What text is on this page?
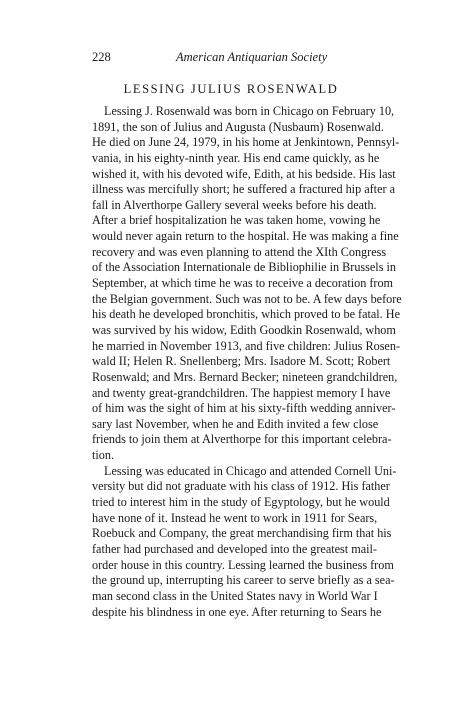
228	American Antiquarian Society
LESSING JULIUS ROSENWALD
Lessing J. Rosenwald was born in Chicago on February 10,
1891, the son of Julius and Augusta (Nusbaum) Rosenwald.
He died on June 24, 1979, in his home at Jenkintown, Pennsyl-
vania, in his eighty-ninth year. His end came quickly, as he
wished it, with his devoted wife, Edith, at his bedside. His last
illness was mercifully short; he suffered a fractured hip after a
fall in Alverthorpe Gallery several weeks before his death.
After a brief hospitalization he was taken home, vowing he
would never again return to the hospital. He was making a fine
recovery and was even planning to attend the XIth Congress
of the Association Internationale de Bibliophilie in Brussels in
September, at which time he was to receive a decoration from
the Belgian government. Such was not to be. A few days before
his death he developed bronchitis, which proved to be fatal. He
was survived by his widow, Edith Goodkin Rosenwald, whom
he married in November 1913, and five children: Julius Rosen-
wald II; Helen R. Snellenberg; Mrs. Isadore M. Scott; Robert
Rosenwald; and Mrs. Bernard Becker; nineteen grandchildren,
and twenty great-grandchildren. The happiest memory I have
of him was the sight of him at his sixty-fifth wedding anniver-
sary last November, when he and Edith invited a few close
friends to join them at Alverthorpe for this important celebra-
tion.
Lessing was educated in Chicago and attended Cornell Uni-
versity but did not graduate with his class of 1912. His father
tried to interest him in the study of Egyptology, but he would
have none of it. Instead he went to work in 1911 for Sears,
Roebuck and Company, the great merchandising firm that his
father had purchased and developed into the greatest mail-
order house in this country. Lessing learned the business from
the ground up, interrupting his career to serve briefly as a sea-
man second class in the United States navy in World War I
despite his blindness in one eye. After returning to Sears he
